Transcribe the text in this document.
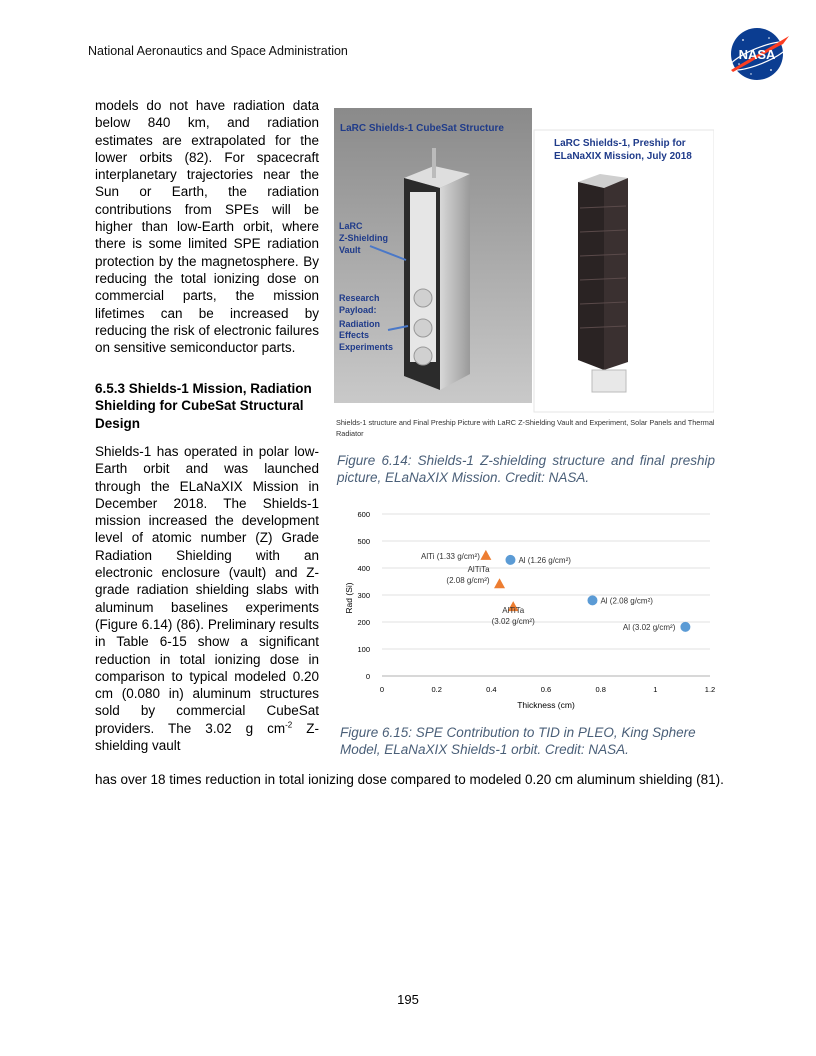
National Aeronautics and Space Administration	NASA
models do not have radiation data below 840 km, and radiation estimates are extrapolated for the lower orbits (82). For spacecraft interplanetary trajectories near the Sun or Earth, the radiation contributions from SPEs will be higher than low-Earth orbit, where there is some limited SPE radiation protection by the magnetosphere. By reducing the total ionizing dose on commercial parts, the mission lifetimes can be increased by reducing the risk of electronic failures on sensitive semiconductor parts.
6.5.3 Shields-1 Mission, Radiation Shielding for CubeSat Structural Design
Shields-1 has operated in polar low-Earth orbit and was launched through the ELaNaXIX Mission in December 2018. The Shields-1 mission increased the development level of atomic number (Z) Grade Radiation Shielding with an electronic enclosure (vault) and Z-grade radiation shielding slabs with aluminum baselines experiments (Figure 6.14) (86). Preliminary results in Table 6-15 show a significant reduction in total ionizing dose in comparison to typical modeled 0.20 cm (0.080 in) aluminum structures sold by commercial CubeSat providers. The 3.02 g $cm^{-2}$ Z-shielding vault
has over 18 times reduction in total ionizing dose compared to modeled 0.20 cm aluminum shielding (81).
LaRC Shields-1 CubeSat Structure
LaRC
Z-Shielding
Vault
Research
Payload:
Radiation
Effects
Experiments
LaRC Shields-1, Preship for
ELaNaXIX Mission, July 2018
Shields-1 structure and Final Preship Picture with LaRC Z-Shielding Vault and Experiment, Solar Panels and Thermal Radiator
Figure 6.14: Shields-1 Z-shielding structure and final preship picture, ELaNaXIX Mission. Credit: NASA.
0
100
200
300
400
500
600
0	0.2	0.4	0.6	0.8	1	1.2
Al (1.26 g/cm²)
Al (2.08 g/cm²)
Al (3.02 g/cm²)
AlTi (1.33 g/cm²)
AlTiTa
(2.08 g/cm²)
AlTiTa
(3.02 g/cm²)
Thickness (cm)
Rad (Si)
Figure 6.15: SPE Contribution to TID in PLEO, King Sphere Model, ELaNaXIX Shields-1 orbit. Credit: NASA.
195
